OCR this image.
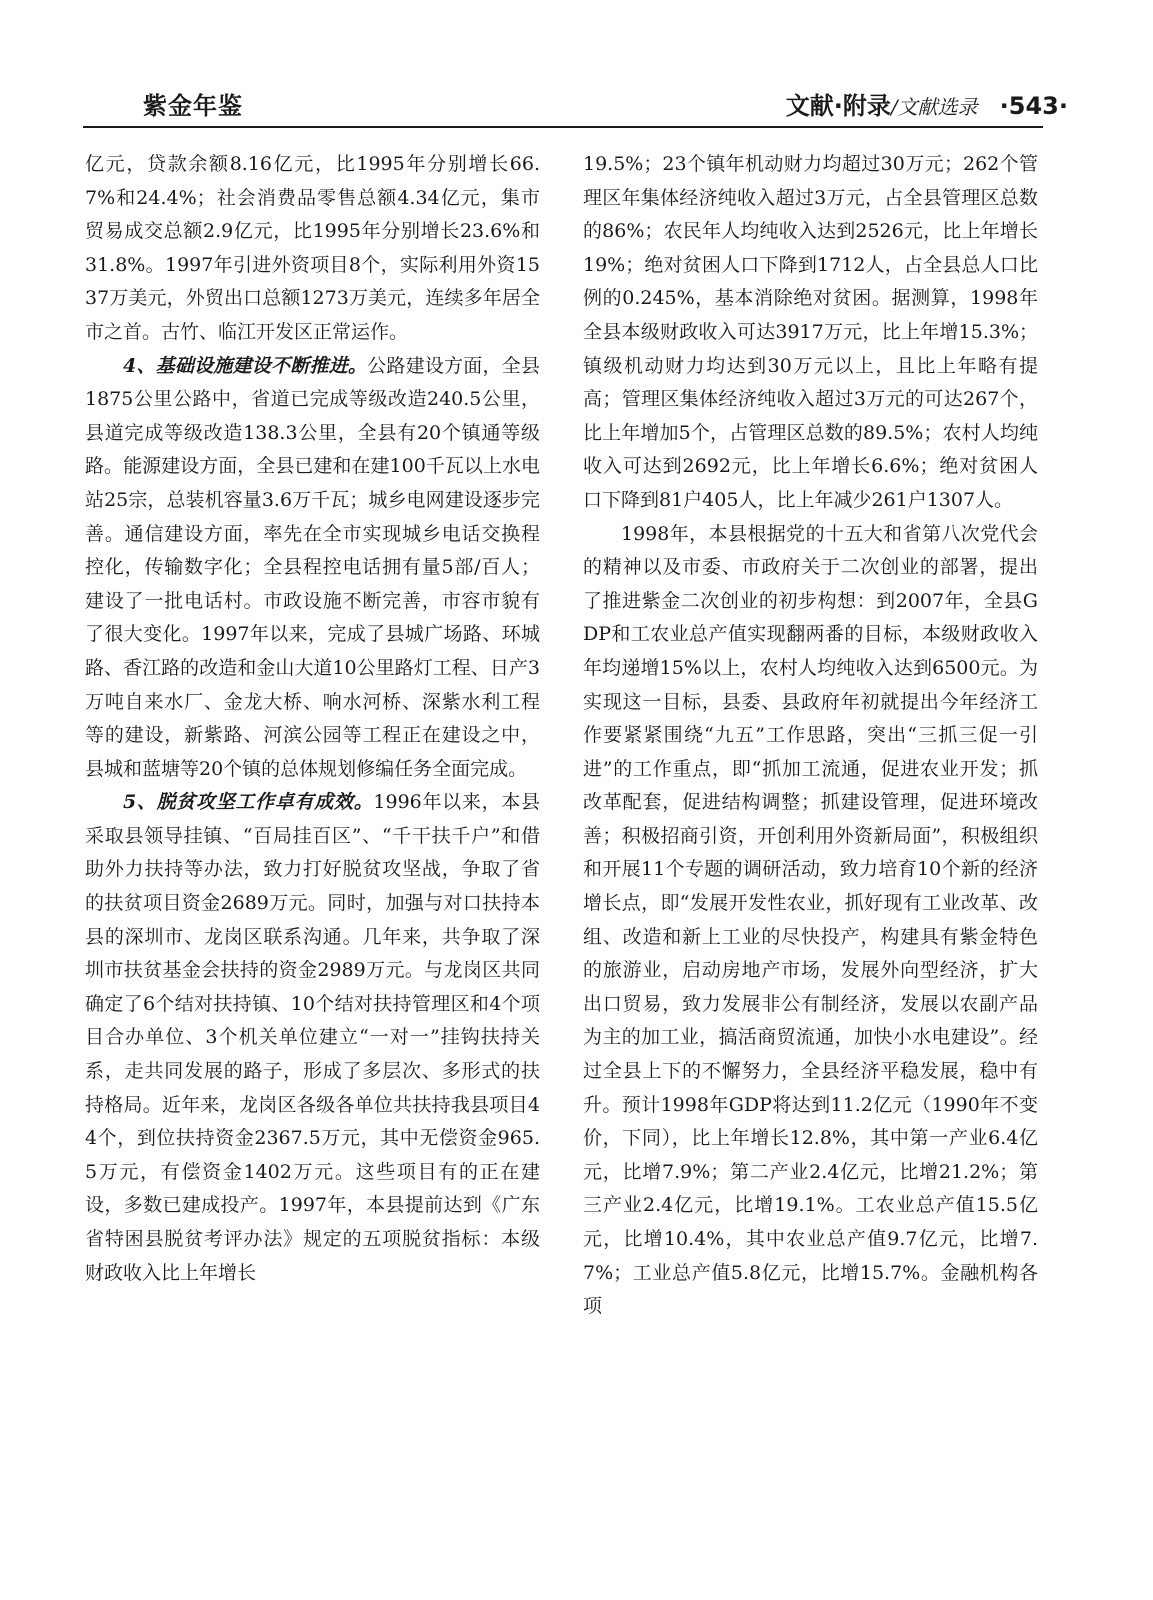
紫金年鉴	文献·附录/文献选录 ·543·

亿元，贷款余额8.16亿元，比1995年分别增长66.7%和24.4%；社会消费品零售总额4.34亿元，集市贸易成交总额2.9亿元，比1995年分别增长23.6%和31.8%。1997年引进外资项目8个，实际利用外资1537万美元，外贸出口总额1273万美元，连续多年居全市之首。古竹、临江开发区正常运作。

4、基础设施建设不断推进。公路建设方面，全县1875公里公路中，省道已完成等级改造240.5公里，县道完成等级改造138.3公里，全县有20个镇通等级路。能源建设方面，全县已建和在建100千瓦以上水电站25宗，总装机容量3.6万千瓦；城乡电网建设逐步完善。通信建设方面，率先在全市实现城乡电话交换程控化，传输数字化；全县程控电话拥有量5部/百人；建设了一批电话村。市政设施不断完善，市容市貌有了很大变化。1997年以来，完成了县城广场路、环城路、香江路的改造和金山大道10公里路灯工程、日产3万吨自来水厂、金龙大桥、响水河桥、深紫水利工程等的建设，新紫路、河滨公园等工程正在建设之中，县城和蓝塘等20个镇的总体规划修编任务全面完成。

5、脱贫攻坚工作卓有成效。1996年以来，本县采取县领导挂镇、“百局挂百区”、“千干扶千户”和借助外力扶持等办法，致力打好脱贫攻坚战，争取了省的扶贫项目资金2689万元。同时，加强与对口扶持本县的深圳市、龙岗区联系沟通。几年来，共争取了深圳市扶贫基金会扶持的资金2989万元。与龙岗区共同确定了6个结对扶持镇、10个结对扶持管理区和4个项目合办单位、3个机关单位建立“一对一”挂钩扶持关系，走共同发展的路子，形成了多层次、多形式的扶持格局。近年来，龙岗区各级各单位共扶持我县项目44个，到位扶持资金2367.5万元，其中无偿资金965.5万元，有偿资金1402万元。这些项目有的正在建设，多数已建成投产。1997年，本县提前达到《广东省特困县脱贫考评办法》规定的五项脱贫指标：本级财政收入比上年增长

19.5%；23个镇年机动财力均超过30万元；262个管理区年集体经济纯收入超过3万元，占全县管理区总数的86%；农民年人均纯收入达到2526元，比上年增长19%；绝对贫困人口下降到1712人，占全县总人口比例的0.245%，基本消除绝对贫困。据测算，1998年全县本级财政收入可达3917万元，比上年增15.3%；镇级机动财力均达到30万元以上，且比上年略有提高；管理区集体经济纯收入超过3万元的可达267个，比上年增加5个，占管理区总数的89.5%；农村人均纯收入可达到2692元，比上年增长6.6%；绝对贫困人口下降到81户405人，比上年减少261户1307人。

1998年，本县根据党的十五大和省第八次党代会的精神以及市委、市政府关于二次创业的部署，提出了推进紫金二次创业的初步构想：到2007年，全县GDP和工农业总产值实现翻两番的目标，本级财政收入年均递增15%以上，农村人均纯收入达到6500元。为实现这一目标，县委、县政府年初就提出今年经济工作要紧紧围绕“九五”工作思路，突出“三抓三促一引进”的工作重点，即“抓加工流通，促进农业开发；抓改革配套，促进结构调整；抓建设管理，促进环境改善；积极招商引资，开创利用外资新局面”，积极组织和开展11个专题的调研活动，致力培育10个新的经济增长点，即“发展开发性农业，抓好现有工业改革、改组、改造和新上工业的尽快投产，构建具有紫金特色的旅游业，启动房地产市场，发展外向型经济，扩大出口贸易，致力发展非公有制经济，发展以农副产品为主的加工业，搞活商贸流通，加快小水电建设”。经过全县上下的不懈努力，全县经济平稳发展，稳中有升。预计1998年GDP将达到11.2亿元（1990年不变价，下同），比上年增长12.8%，其中第一产业6.4亿元，比增7.9%；第二产业2.4亿元，比增21.2%；第三产业2.4亿元，比增19.1%。工农业总产值15.5亿元，比增10.4%，其中农业总产值9.7亿元，比增7.7%；工业总产值5.8亿元，比增15.7%。金融机构各项
